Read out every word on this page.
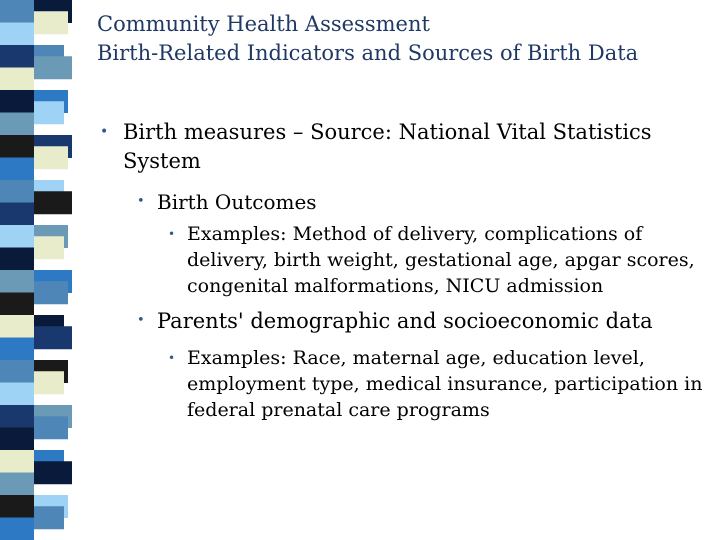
Community Health Assessment
Birth-Related Indicators and Sources of Birth Data
• Birth measures – Source: National Vital Statistics System
• Birth Outcomes
• Examples: Method of delivery, complications of delivery, birth weight, gestational age, apgar scores, congenital malformations, NICU admission
• Parents' demographic and socioeconomic data
• Examples: Race, maternal age, education level, employment type, medical insurance, participation in federal prenatal care programs
